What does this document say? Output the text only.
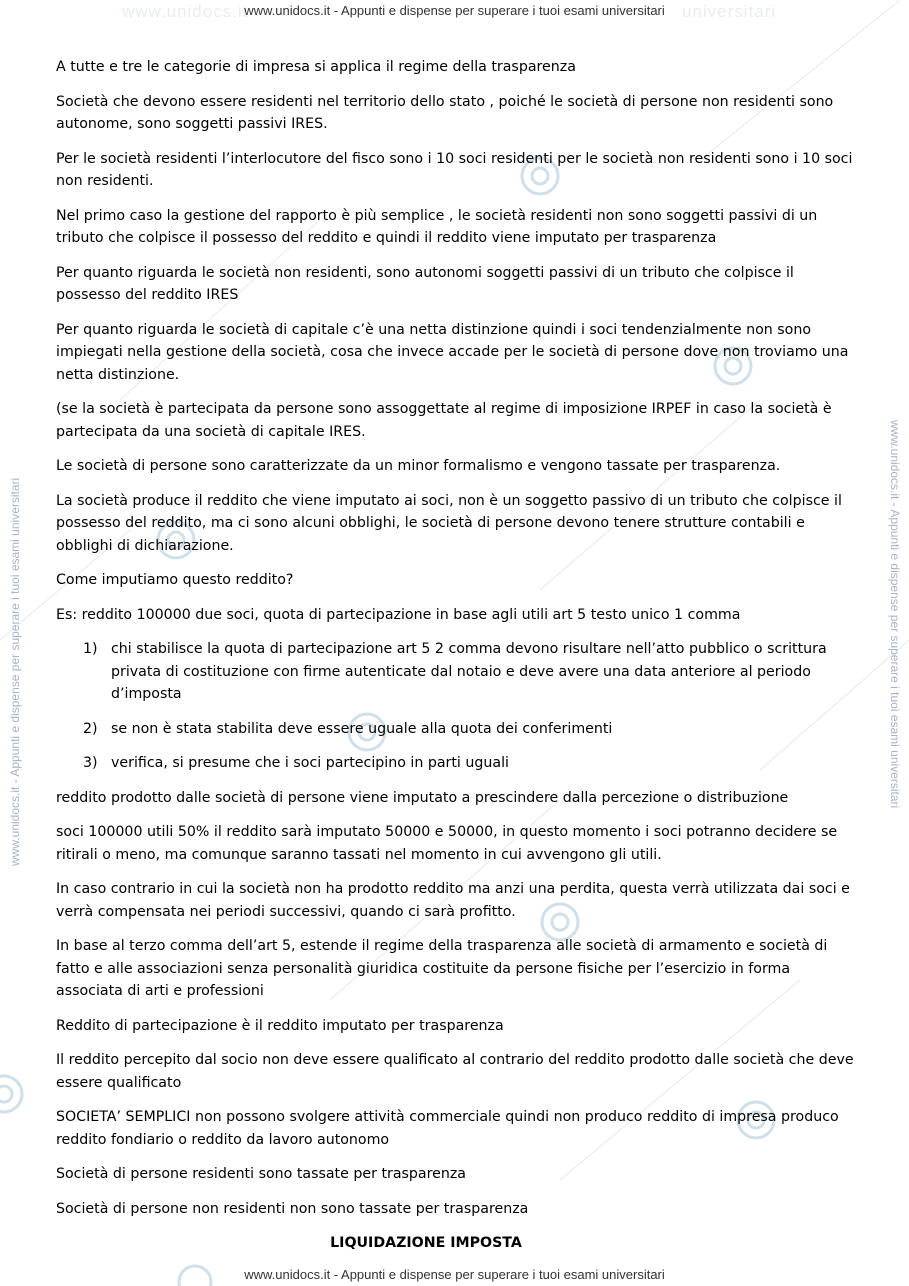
www.unidocs.it	universitari
www.unidocs.it - Appunti e dispense per superare i tuoi esami universitari
www.unidocs.it - Appunti e dispense per superare i tuoi esami universitari
www.unidocs.it - Appunti e dispense per superare i tuoi esami universitari	www.unidocs.it - Appunti e dispense per superare i tuoi esami universitari

A tutte e tre le categorie di impresa si applica il regime della trasparenza

Società che devono essere residenti nel territorio dello stato , poiché le società di persone non residenti sono autonome, sono soggetti passivi IRES.

Per le società residenti l’interlocutore del fisco sono i 10 soci residenti per le società non residenti sono i 10 soci non residenti.

Nel primo caso la gestione del rapporto è più semplice , le società residenti non sono soggetti passivi di un tributo che colpisce il possesso del reddito e quindi il reddito viene imputato per trasparenza

Per quanto riguarda le società non residenti, sono autonomi soggetti passivi di un tributo che colpisce il possesso del reddito IRES

Per quanto riguarda le società di capitale c’è una netta distinzione quindi i soci tendenzialmente non sono impiegati nella gestione della società, cosa che invece accade per le società di persone dove non troviamo una netta distinzione.

(se la società è partecipata da persone sono assoggettate al regime di imposizione IRPEF in caso la società è partecipata da una società di capitale IRES.

Le società di persone sono caratterizzate da un minor formalismo e vengono tassate per trasparenza.

La società produce il reddito che viene imputato ai soci, non è un soggetto passivo di un tributo che colpisce il possesso del reddito, ma ci sono alcuni obblighi, le società di persone devono tenere strutture contabili e obblighi di dichiarazione.

Come imputiamo questo reddito?

Es: reddito 100000 due soci, quota di partecipazione in base agli utili art 5 testo unico 1 comma

1) chi stabilisce la quota di partecipazione art 5 2 comma devono risultare nell’atto pubblico o scrittura privata di costituzione con firme autenticate dal notaio e deve avere una data anteriore al periodo d’imposta
2) se non è stata stabilita deve essere uguale alla quota dei conferimenti
3) verifica, si presume che i soci partecipino in parti uguali

reddito prodotto dalle società di persone viene imputato a prescindere dalla percezione o distribuzione

soci 100000 utili 50% il reddito sarà imputato 50000 e 50000, in questo momento i soci potranno decidere se ritirali o meno, ma comunque saranno tassati nel momento in cui avvengono gli utili.

In caso contrario in cui la società non ha prodotto reddito ma anzi una perdita, questa verrà utilizzata dai soci e verrà compensata nei periodi successivi, quando ci sarà profitto.

In base al terzo comma dell’art 5, estende il regime della trasparenza alle società di armamento e società di fatto e alle associazioni senza personalità giuridica costituite da persone fisiche per l’esercizio in forma associata di arti e professioni

Reddito di partecipazione è il reddito imputato per trasparenza

Il reddito percepito dal socio non deve essere qualificato al contrario del reddito prodotto dalle società che deve essere qualificato

SOCIETA’ SEMPLICI non possono svolgere attività commerciale quindi non produco reddito di impresa produco reddito fondiario o reddito da lavoro autonomo

Società di persone residenti sono tassate per trasparenza

Società di persone non residenti non sono tassate per trasparenza

LIQUIDAZIONE IMPOSTA
